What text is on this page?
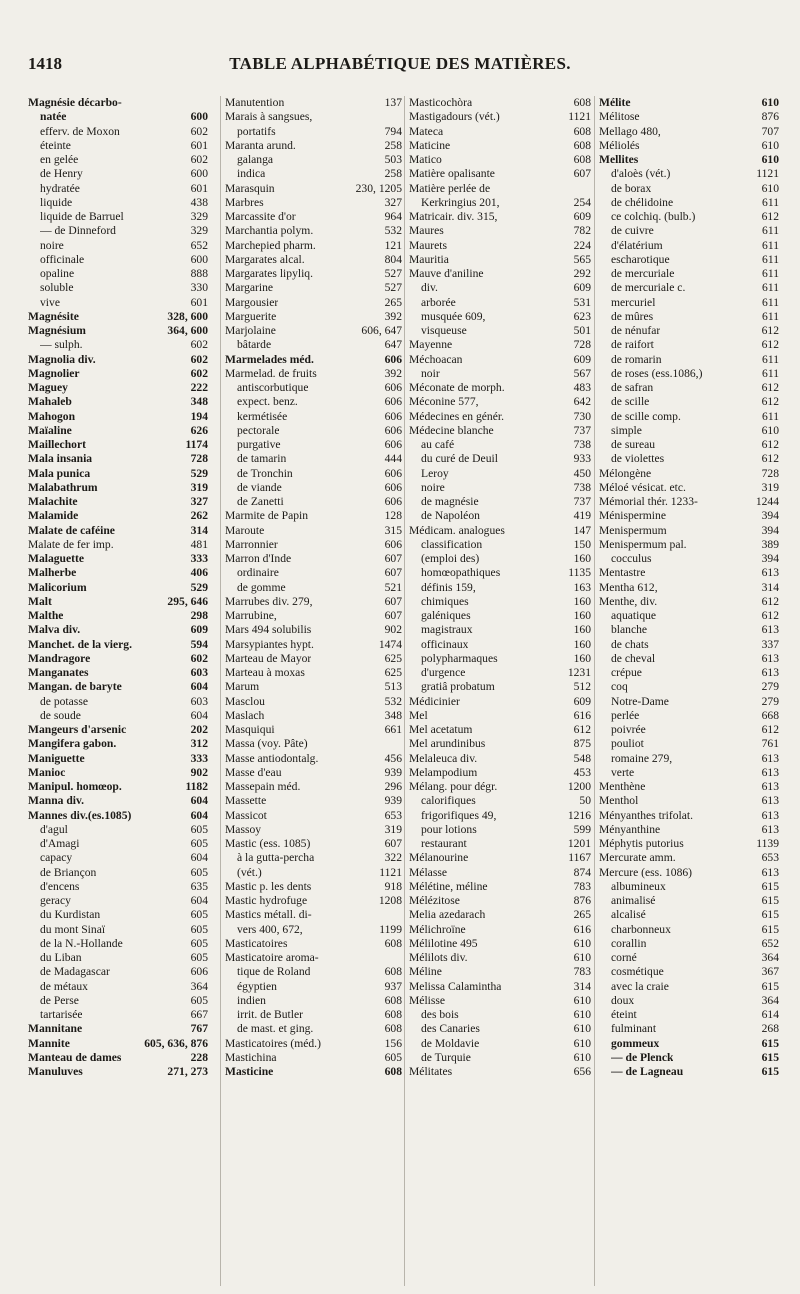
1418	TABLE ALPHABÉTIQUE DES MATIÈRES.
Magnésie décarbo-
natée	600
efferv. de Moxon	602
éteinte	601
en gelée	602
de Henry	600
hydratée	601
liquide	438
liquide de Barruel	329
— de Dinneford	329
noire	652
officinale	600
opaline	888
soluble	330
vive	601
Magnésite	328, 600
Magnésium	364, 600
— sulph.	602
Magnolia div.	602
Magnolier	602
Maguey	222
Mahaleb	348
Mahogon	194
Maïaline	626
Maillechort	1174
Mala insania	728
Mala punica	529
Malabathrum	319
Malachite	327
Malamide	262
Malate de caféine	314
Malate de fer imp.	481
Malaguette	333
Malherbe	406
Malicorium	529
Malt	295, 646
Malthe	298
Malva div.	609
Manchet. de la vierg.	594
Mandragore	602
Manganates	603
Mangan. de baryte	604
de potasse	603
de soude	604
Mangeurs d'arsenic	202
Mangifera gabon.	312
Maniguette	333
Manioc	902
Manipul. homœop.	1182
Manna div.	604
Mannes div.(es.1085)	604
d'agul	605
d'Amagi	605
capacy	604
de Briançon	605
d'encens	635
geracy	604
du Kurdistan	605
du mont Sinaï	605
de la N.-Hollande	605
du Liban	605
de Madagascar	606
de métaux	364
de Perse	605
tartarisée	667
Mannitane	767
Mannite	605, 636, 876
Manteau de dames	228
Manuluves	271, 273
Manutention	137
Marais à sangsues,
portatifs	794
Maranta arund.	258
galanga	503
indica	258
Marasquin	230, 1205
Marbres	327
Marcassite d'or	964
Marchantia polym.	532
Marchepied pharm.	121
Margarates alcal.	804
Margarates lipyliq.	527
Margarine	527
Margousier	265
Marguerite	392
Marjolaine	606, 647
bâtarde	647
Marmelades méd.	606
Marmelad. de fruits	392
antiscorbutique	606
expect. benz.	606
kermétisée	606
pectorale	606
purgative	606
de tamarin	444
de Tronchin	606
de viande	606
de Zanetti	606
Marmite de Papin	128
Maroute	315
Marronnier	606
Marron d'Inde	607
ordinaire	607
de gomme	521
Marrubes div. 279,	607
Marrubine,	607
Mars 494 solubilis	902
Marsypiantes hypt.	1474
Marteau de Mayor	625
Marteau à moxas	625
Marum	513
Masclou	532
Maslach	348
Masquiqui	661
Massa (voy. Pâte)
Masse antiodontalg.	456
Masse d'eau	939
Massepain méd.	296
Massette	939
Massicot	653
Massoy	319
Mastic (ess. 1085)	607
à la gutta-percha	322
(vét.)	1121
Mastic p. les dents	918
Mastic hydrofuge	1208
Mastics métall. di-
vers 400, 672,	1199
Masticatoires	608
Masticatoire aroma-
tique de Roland	608
égyptien	937
indien	608
irrit. de Butler	608
de mast. et ging.	608
Masticatoires (méd.)	156
Mastichina	605
Masticine	608
Masticochòra	608
Mastigadours (vét.)	1121
Mateca	608
Maticine	608
Matico	608
Matière opalisante	607
Matière perlée de
Kerkringius 201,	254
Matricair. div. 315,	609
Maures	782
Maurets	224
Mauritia	565
Mauve d'aniline	292
div.	609
arborée	531
musquée 609,	623
visqueuse	501
Mayenne	728
Méchoacan	609
noir	567
Méconate de morph.	483
Méconine 577,	642
Médecines en génér.	730
Médecine blanche	737
au café	738
du curé de Deuil	933
Leroy	450
noire	738
de magnésie	737
de Napoléon	419
Médicam. analogues	147
classification	150
(emploi des)	160
homœopathiques	1135
définis 159,	163
chimiques	160
galéniques	160
magistraux	160
officinaux	160
polypharmaques	160
d'urgence	1231
gratiâ probatum	512
Médicinier	609
Mel	616
Mel acetatum	612
Mel arundinibus	875
Melaleuca div.	548
Melampodium	453
Mélang. pour dégr.	1200
calorifiques	50
frigorifiques 49,	1216
pour lotions	599
restaurant	1201
Mélanourine	1167
Mélasse	874
Mélétine, méline	783
Mélézitose	876
Melia azedarach	265
Mélichroïne	616
Mélilotine 495	610
Mélilots div.	610
Méline	783
Melissa Calamintha	314
Mélisse	610
des bois	610
des Canaries	610
de Moldavie	610
de Turquie	610
Mélitates	656
Mélite	610
Mélitose	876
Mellago 480,	707
Méliolés	610
Mellites	610
d'aloès (vét.)	1121
de borax	610
de chélidoine	611
ce colchiq. (bulb.)	612
de cuivre	611
d'élatérium	611
escharotique	611
de mercuriale	611
de mercuriale c.	611
mercuriel	611
de mûres	611
de nénufar	612
de raifort	612
de romarin	611
de roses (ess.1086,)	611
de safran	612
de scille	612
de scille comp.	611
simple	610
de sureau	612
de violettes	612
Mélongène	728
Méloé vésicat. etc.	319
Mémorial thér. 1233-	1244
Ménispermine	394
Menispermum	394
Menispermum pal.	389
cocculus	394
Mentastre	613
Mentha 612,	314
Menthe, div.	612
aquatique	612
blanche	613
de chats	337
de cheval	613
crépue	613
coq	279
Notre-Dame	279
perlée	668
poivrée	612
pouliot	761
romaine 279,	613
verte	613
Menthène	613
Menthol	613
Ményanthes trifolat.	613
Ményanthine	613
Méphytis putorius	1139
Mercurate amm.	653
Mercure (ess. 1086)	613
albumineux	615
animalisé	615
alcalisé	615
charbonneux	615
corallin	652
corné	364
cosmétique	367
avec la craie	615
doux	364
éteint	614
fulminant	268
gommeux	615
— de Plenck	615
— de Lagneau	615
